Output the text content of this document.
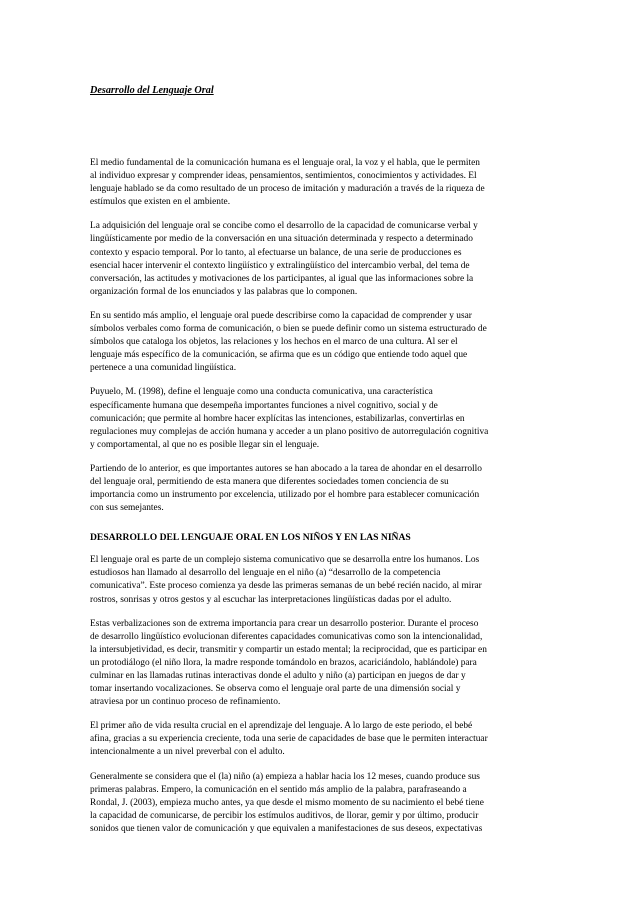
Desarrollo del Lenguaje Oral

El medio fundamental de la comunicación humana es el lenguaje oral, la voz y el habla, que le permiten
al individuo expresar y comprender ideas, pensamientos, sentimientos, conocimientos y actividades. El
lenguaje hablado se da como resultado de un proceso de imitación y maduración a través de la riqueza de
estímulos que existen en el ambiente.

La adquisición del lenguaje oral se concibe como el desarrollo de la capacidad de comunicarse verbal y
lingüísticamente por medio de la conversación en una situación determinada y respecto a determinado
contexto y espacio temporal. Por lo tanto, al efectuarse un balance, de una serie de producciones es
esencial hacer intervenir el contexto lingüístico y extralingüístico del intercambio verbal, del tema de
conversación, las actitudes y motivaciones de los participantes, al igual que las informaciones sobre la
organización formal de los enunciados y las palabras que lo componen.

En su sentido más amplio, el lenguaje oral puede describirse como la capacidad de comprender y usar
símbolos verbales como forma de comunicación, o bien se puede definir como un sistema estructurado de
símbolos que cataloga los objetos, las relaciones y los hechos en el marco de una cultura. Al ser el
lenguaje más específico de la comunicación, se afirma que es un código que entiende todo aquel que
pertenece a una comunidad lingüística.

Puyuelo, M. (1998), define el lenguaje como una conducta comunicativa, una característica
específicamente humana que desempeña importantes funciones a nivel cognitivo, social y de
comunicación; que permite al hombre hacer explícitas las intenciones, estabilizarlas, convertirlas en
regulaciones muy complejas de acción humana y acceder a un plano positivo de autorregulación cognitiva
y comportamental, al que no es posible llegar sin el lenguaje.

Partiendo de lo anterior, es que importantes autores se han abocado a la tarea de ahondar en el desarrollo
del lenguaje oral, permitiendo de esta manera que diferentes sociedades tomen conciencia de su
importancia como un instrumento por excelencia, utilizado por el hombre para establecer comunicación
con sus semejantes.

DESARROLLO DEL LENGUAJE ORAL EN LOS NIÑOS Y EN LAS NIÑAS

El lenguaje oral es parte de un complejo sistema comunicativo que se desarrolla entre los humanos. Los
estudiosos han llamado al desarrollo del lenguaje en el niño (a) “desarrollo de la competencia
comunicativa”. Este proceso comienza ya desde las primeras semanas de un bebé recién nacido, al mirar
rostros, sonrisas y otros gestos y al escuchar las interpretaciones lingüísticas dadas por el adulto.

Estas verbalizaciones son de extrema importancia para crear un desarrollo posterior. Durante el proceso
de desarrollo lingüístico evolucionan diferentes capacidades comunicativas como son la intencionalidad,
la intersubjetividad, es decir, transmitir y compartir un estado mental; la reciprocidad, que es participar en
un protodiálogo (el niño llora, la madre responde tomándolo en brazos, acariciándolo, hablándole) para
culminar en las llamadas rutinas interactivas donde el adulto y niño (a) participan en juegos de dar y
tomar insertando vocalizaciones. Se observa como el lenguaje oral parte de una dimensión social y
atraviesa por un continuo proceso de refinamiento.

El primer año de vida resulta crucial en el aprendizaje del lenguaje. A lo largo de este periodo, el bebé
afina, gracias a su experiencia creciente, toda una serie de capacidades de base que le permiten interactuar
intencionalmente a un nivel preverbal con el adulto.

Generalmente se considera que el (la) niño (a) empieza a hablar hacia los 12 meses, cuando produce sus
primeras palabras. Empero, la comunicación en el sentido más amplio de la palabra, parafraseando a
Rondal, J. (2003), empieza mucho antes, ya que desde el mismo momento de su nacimiento el bebé tiene
la capacidad de comunicarse, de percibir los estímulos auditivos, de llorar, gemir y por último, producir
sonidos que tienen valor de comunicación y que equivalen a manifestaciones de sus deseos, expectativas
